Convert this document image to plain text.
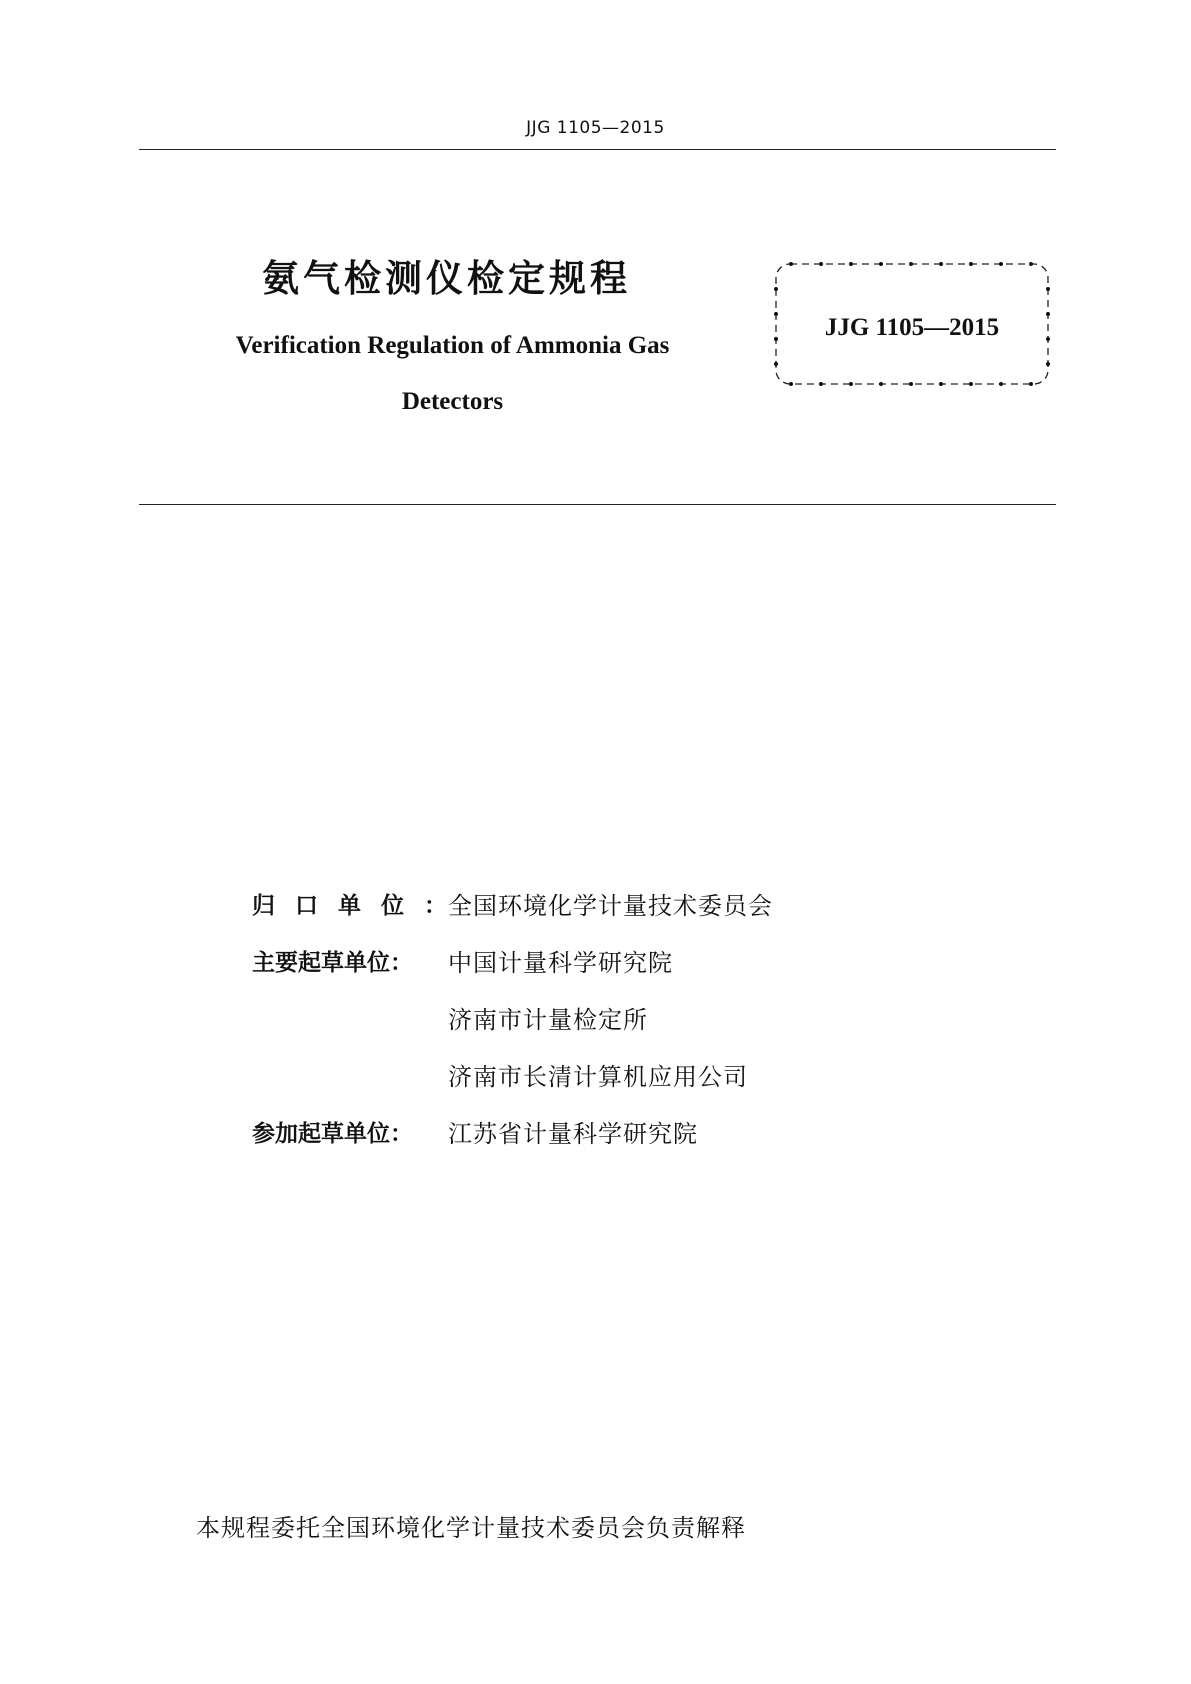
JJG 1105—2015
氨气检测仪检定规程
Verification Regulation of Ammonia Gas
Detectors
JJG 1105—2015
归口单位：
全国环境化学计量技术委员会
主要起草单位：	中国计量科学研究院
济南市计量检定所
济南市长清计算机应用公司
参加起草单位：	江苏省计量科学研究院
本规程委托全国环境化学计量技术委员会负责解释
